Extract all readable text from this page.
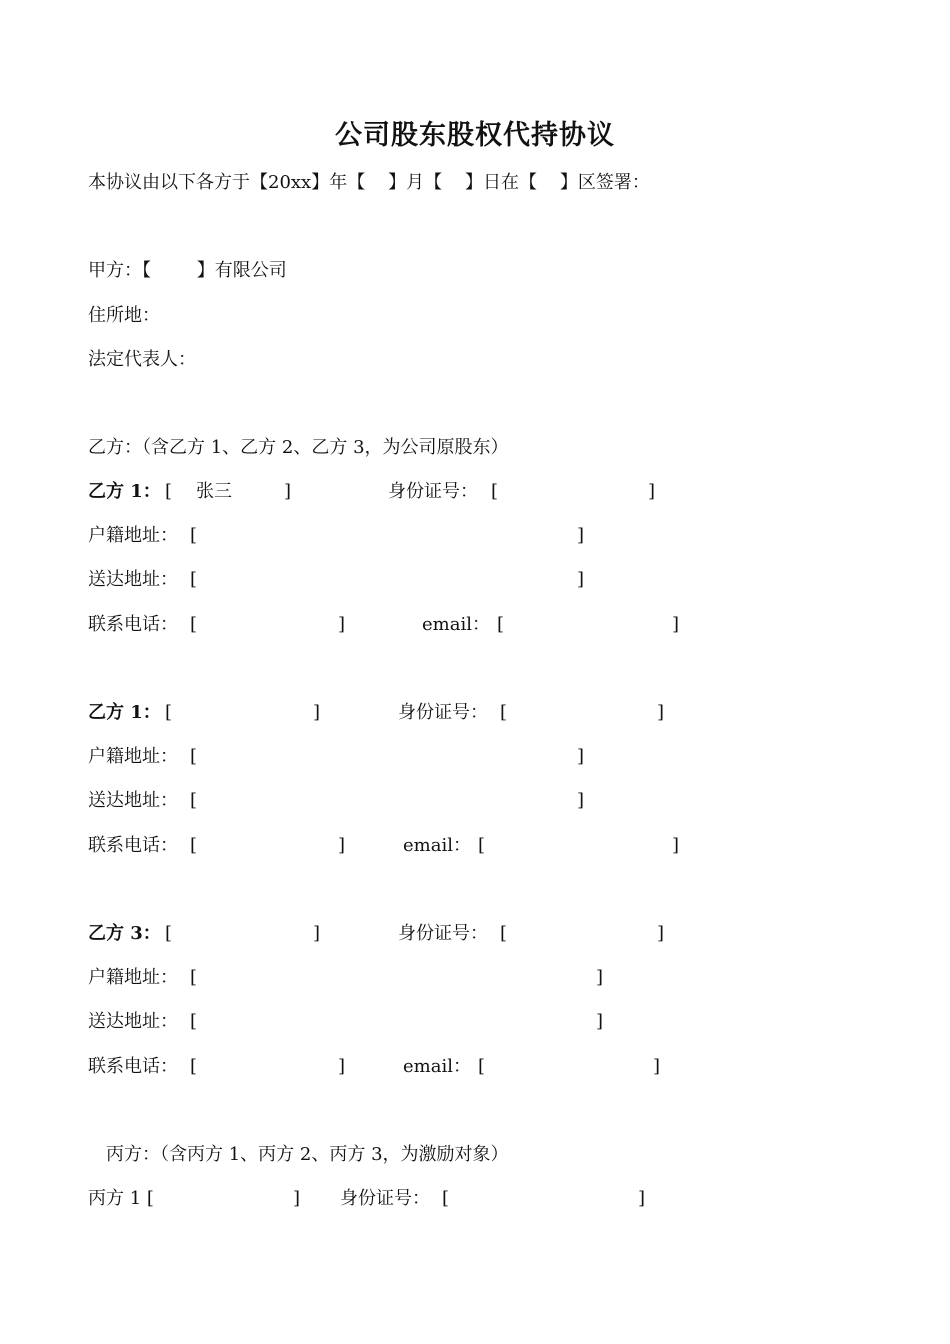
公司股东股权代持协议
本协议由以下各方于【20xx】年【    】月【    】日在【    】区签署：
甲方：【        】有限公司
住所地：
法定代表人：
乙方：（含乙方 1、乙方 2、乙方 3，为公司原股东）
乙方 1： [ 张三	]	身份证号： [	]
户籍地址： [	]
送达地址： [	]
联系电话： [	]	email： [	]
乙方 1： [	]	身份证号： [	]
户籍地址： [	]
送达地址： [	]
联系电话： [	]	email： [	]
乙方 3： [	]	身份证号： [	]
户籍地址： [	]
送达地址： [	]
联系电话： [	]	email： [	]
丙方：（含丙方 1、丙方 2、丙方 3，为激励对象）
丙方 1 [	] 身份证号： [	]
